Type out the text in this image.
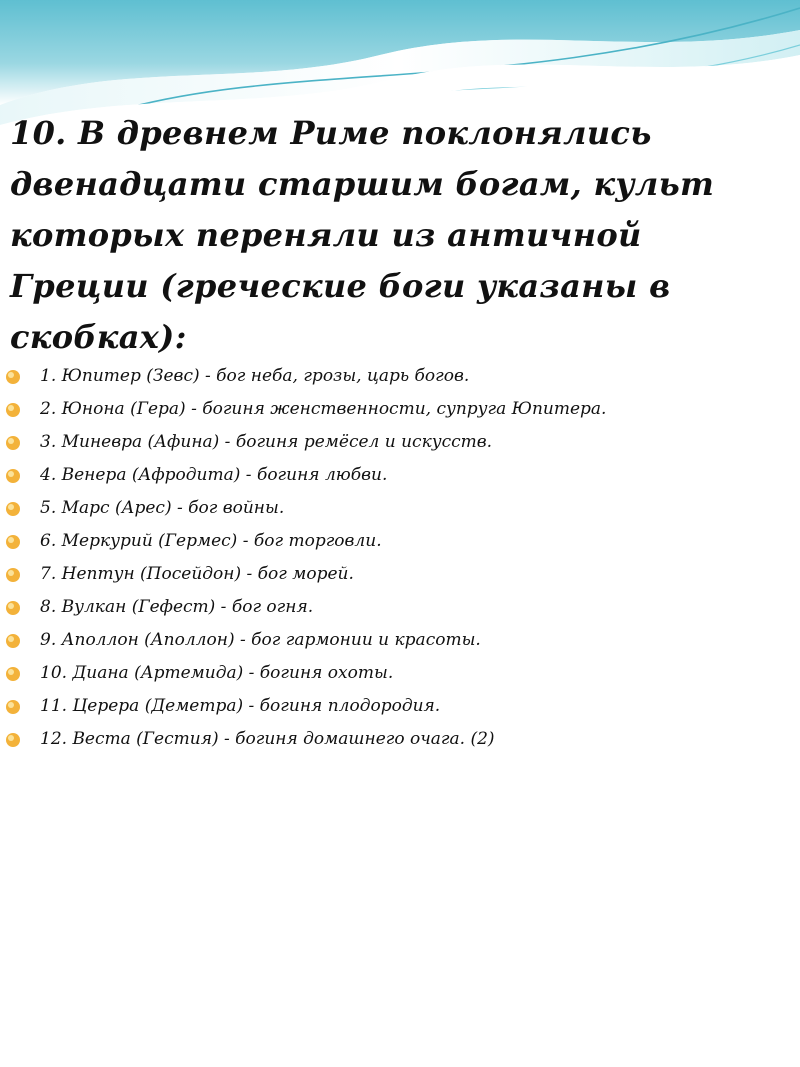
10. В древнем Риме поклонялись двенадцати старшим богам, культ которых переняли из античной Греции (греческие боги указаны в скобках):
1. Юпитер (Зевс) - бог неба, грозы, царь богов.
2. Юнона (Гера) - богиня женственности, супруга Юпитера.
3. Миневра (Афина) - богиня ремёсел и искусств.
4. Венера (Афродита) - богиня любви.
5. Марс (Арес) - бог войны.
6. Меркурий (Гермес) - бог торговли.
7. Нептун (Посейдон) - бог морей.
8. Вулкан (Гефест) - бог огня.
9. Аполлон (Аполлон) - бог гармонии и красоты.
10. Диана (Артемида) - богиня охоты.
11. Церера (Деметра) - богиня плодородия.
12. Веста (Гестия) - богиня домашнего очага. (2)
